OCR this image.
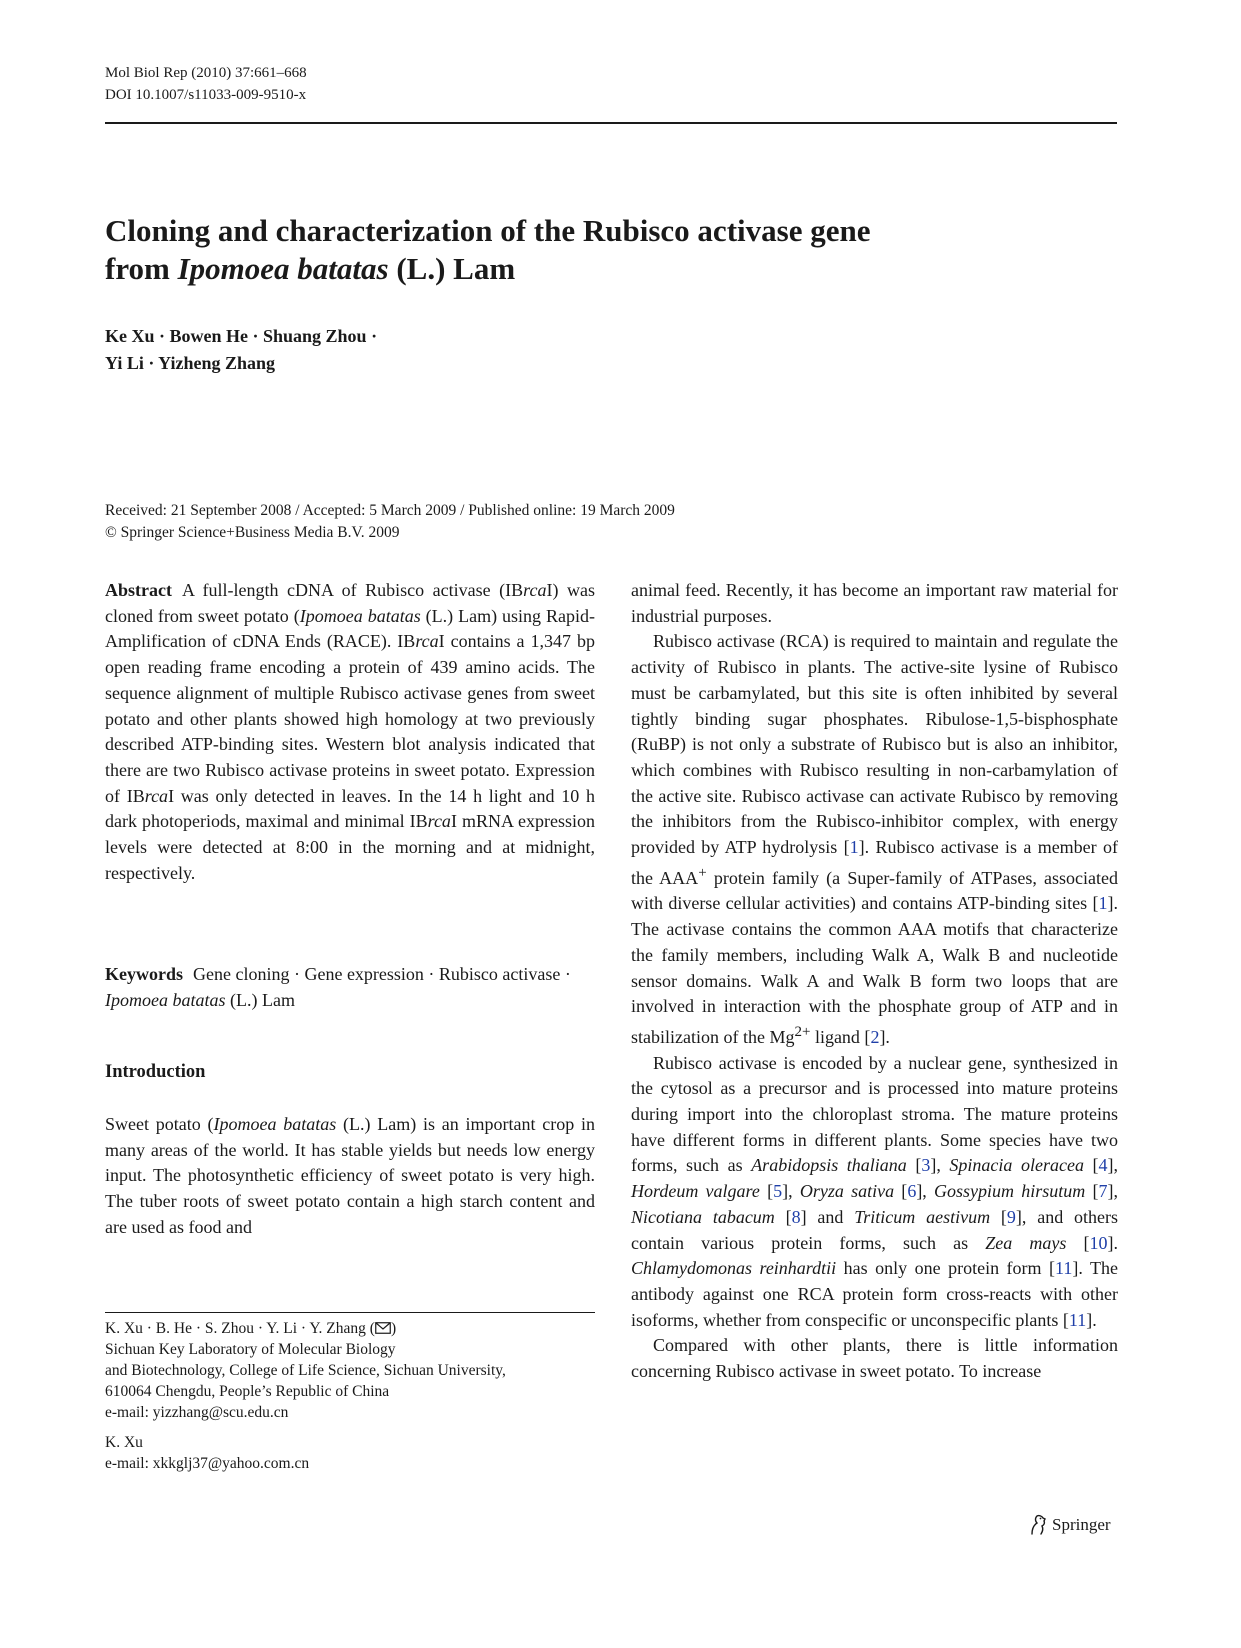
Mol Biol Rep (2010) 37:661–668
DOI 10.1007/s11033-009-9510-x
Cloning and characterization of the Rubisco activase gene
from Ipomoea batatas (L.) Lam
Ke Xu · Bowen He · Shuang Zhou ·
Yi Li · Yizheng Zhang
Received: 21 September 2008 / Accepted: 5 March 2009 / Published online: 19 March 2009
© Springer Science+Business Media B.V. 2009

Abstract A full-length cDNA of Rubisco activase (IBrcaI) was cloned from sweet potato (Ipomoea batatas (L.) Lam) using Rapid-Amplification of cDNA Ends (RACE). IBrcaI contains a 1,347 bp open reading frame encoding a protein of 439 amino acids. The sequence alignment of multiple Rubisco activase genes from sweet potato and other plants showed high homology at two previously described ATP-binding sites. Western blot analysis indicated that there are two Rubisco activase proteins in sweet potato. Expression of IBrcaI was only detected in leaves. In the 14 h light and 10 h dark photoperiods, maximal and minimal IBrcaI mRNA expression levels were detected at 8:00 in the morning and at midnight, respectively.

Keywords Gene cloning · Gene expression · Rubisco activase · Ipomoea batatas (L.) Lam

Introduction

Sweet potato (Ipomoea batatas (L.) Lam) is an important crop in many areas of the world. It has stable yields but needs low energy input. The photosynthetic efficiency of sweet potato is very high. The tuber roots of sweet potato contain a high starch content and are used as food and

animal feed. Recently, it has become an important raw material for industrial purposes.

Rubisco activase (RCA) is required to maintain and regulate the activity of Rubisco in plants. The active-site lysine of Rubisco must be carbamylated, but this site is often inhibited by several tightly binding sugar phosphates. Ribulose-1,5-bisphosphate (RuBP) is not only a substrate of Rubisco but is also an inhibitor, which combines with Rubisco resulting in non-carbamylation of the active site. Rubisco activase can activate Rubisco by removing the inhibitors from the Rubisco-inhibitor complex, with energy provided by ATP hydrolysis [1]. Rubisco activase is a member of the AAA+ protein family (a Super-family of ATPases, associated with diverse cellular activities) and contains ATP-binding sites [1]. The activase contains the common AAA motifs that characterize the family members, including Walk A, Walk B and nucleotide sensor domains. Walk A and Walk B form two loops that are involved in interaction with the phosphate group of ATP and in stabilization of the $Mg^{2+}$ ligand [2].

Rubisco activase is encoded by a nuclear gene, synthesized in the cytosol as a precursor and is processed into mature proteins during import into the chloroplast stroma. The mature proteins have different forms in different plants. Some species have two forms, such as Arabidopsis thaliana [3], Spinacia oleracea [4], Hordeum valgare [5], Oryza sativa [6], Gossypium hirsutum [7], Nicotiana tabacum [8] and Triticum aestivum [9], and others contain various protein forms, such as Zea mays [10]. Chlamydomonas reinhardtii has only one protein form [11]. The antibody against one RCA protein form cross-reacts with other isoforms, whether from conspecific or unconspecific plants [11].

Compared with other plants, there is little information concerning Rubisco activase in sweet potato. To increase

K. Xu · B. He · S. Zhou · Y. Li · Y. Zhang ( )
Sichuan Key Laboratory of Molecular Biology
and Biotechnology, College of Life Science, Sichuan University,
610064 Chengdu, People’s Republic of China
e-mail: yizzhang@scu.edu.cn
K. Xu
e-mail: xkkglj37@yahoo.com.cn
Springer
